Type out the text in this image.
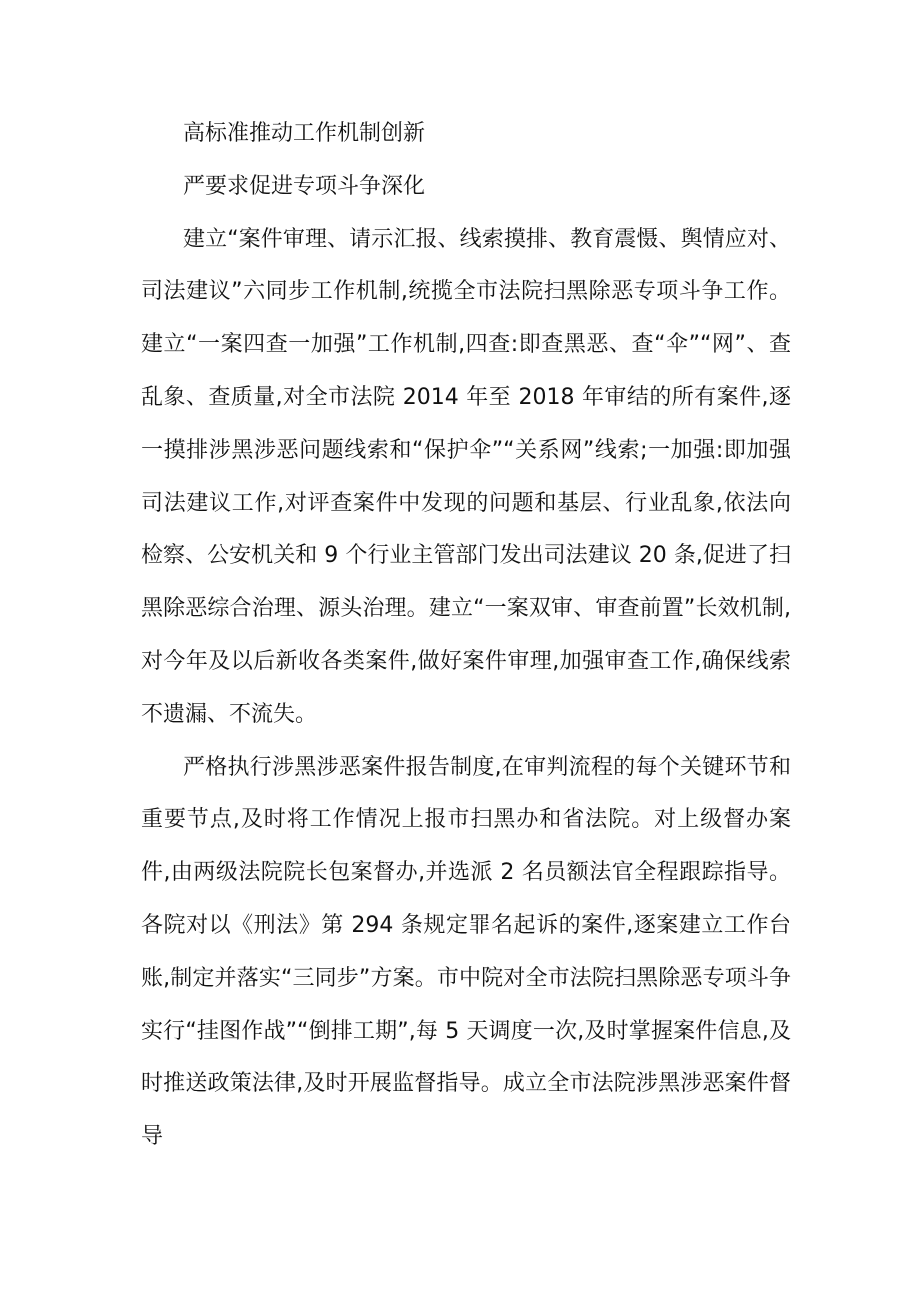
高标准推动工作机制创新

严要求促进专项斗争深化

建立“案件审理、请示汇报、线索摸排、教育震慑、舆情应对、司法建议”六同步工作机制,统揽全市法院扫黑除恶专项斗争工作。建立“一案四查一加强”工作机制,四查:即查黑恶、查“伞”“网”、查乱象、查质量,对全市法院 2014 年至 2018 年审结的所有案件,逐一摸排涉黑涉恶问题线索和“保护伞”“关系网”线索;一加强:即加强司法建议工作,对评查案件中发现的问题和基层、行业乱象,依法向检察、公安机关和 9 个行业主管部门发出司法建议 20 条,促进了扫黑除恶综合治理、源头治理。建立“一案双审、审查前置”长效机制,对今年及以后新收各类案件,做好案件审理,加强审查工作,确保线索不遗漏、不流失。

严格执行涉黑涉恶案件报告制度,在审判流程的每个关键环节和重要节点,及时将工作情况上报市扫黑办和省法院。对上级督办案件,由两级法院院长包案督办,并选派 2 名员额法官全程跟踪指导。各院对以《刑法》第 294 条规定罪名起诉的案件,逐案建立工作台账,制定并落实“三同步”方案。市中院对全市法院扫黑除恶专项斗争实行“挂图作战”“倒排工期”,每 5 天调度一次,及时掌握案件信息,及时推送政策法律,及时开展监督指导。成立全市法院涉黑涉恶案件督导
